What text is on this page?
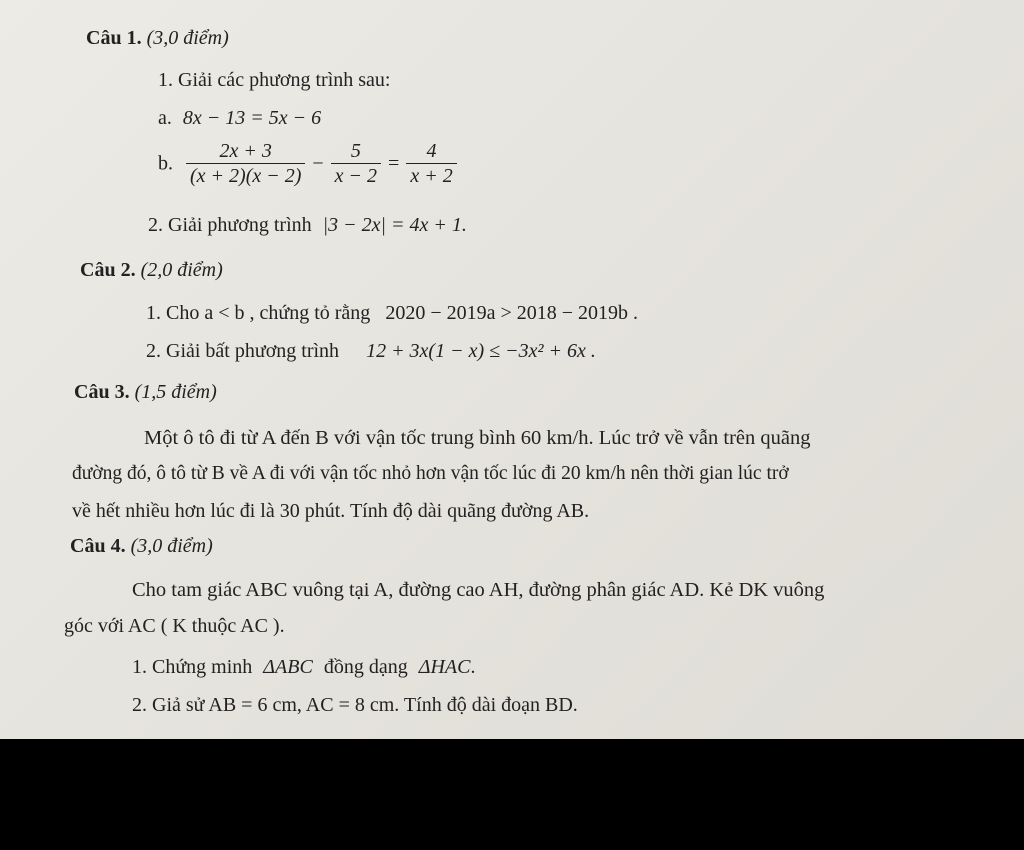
Câu 1. (3,0 điểm)
1. Giải các phương trình sau:
a. 8x − 13 = 5x − 6
b. $\frac{2x + 3}{(x + 2)(x - 2)} - \frac{5}{x - 2} = \frac{4}{x + 2}$
2. Giải phương trình |3 − 2x| = 4x + 1.
Câu 2. (2,0 điểm)
1. Cho a < b , chứng tỏ rằng 2020 − 2019a > 2018 − 2019b .
2. Giải bất phương trình 12 + 3x(1 − x) ≤ −3x² + 6x .
Câu 3. (1,5 điểm)
Một ô tô đi từ A đến B với vận tốc trung bình 60 km/h. Lúc trở về vẫn trên quãng
đường đó, ô tô từ B về A đi với vận tốc nhỏ hơn vận tốc lúc đi 20 km/h nên thời gian lúc trở
về hết nhiều hơn lúc đi là 30 phút. Tính độ dài quãng đường AB.
Câu 4. (3,0 điểm)
Cho tam giác ABC vuông tại A, đường cao AH, đường phân giác AD. Kẻ DK vuông
góc với AC ( K thuộc AC ).
1. Chứng minh ΔABC đồng dạng ΔHAC.
2. Giả sử AB = 6 cm, AC = 8 cm. Tính độ dài đoạn BD.
